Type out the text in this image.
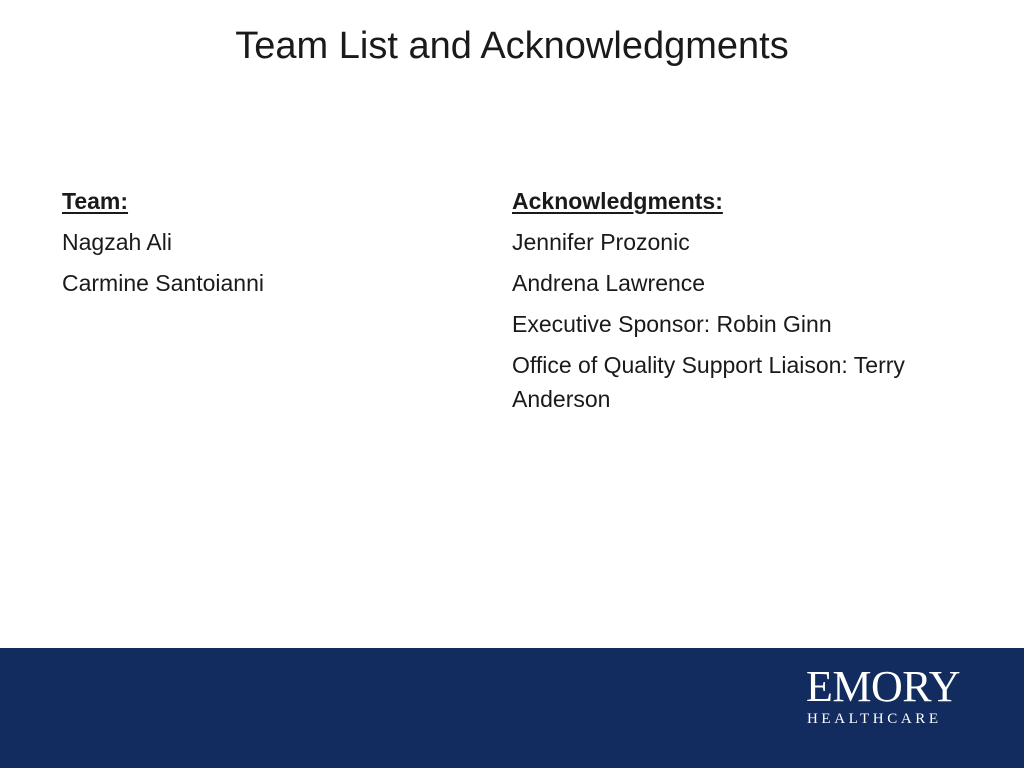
Team List and Acknowledgments
Team:
Nagzah Ali
Carmine Santoianni
Acknowledgments:
Jennifer Prozonic
Andrena Lawrence
Executive Sponsor: Robin Ginn
Office of Quality Support Liaison: Terry Anderson
EMORY
HEALTHCARE
